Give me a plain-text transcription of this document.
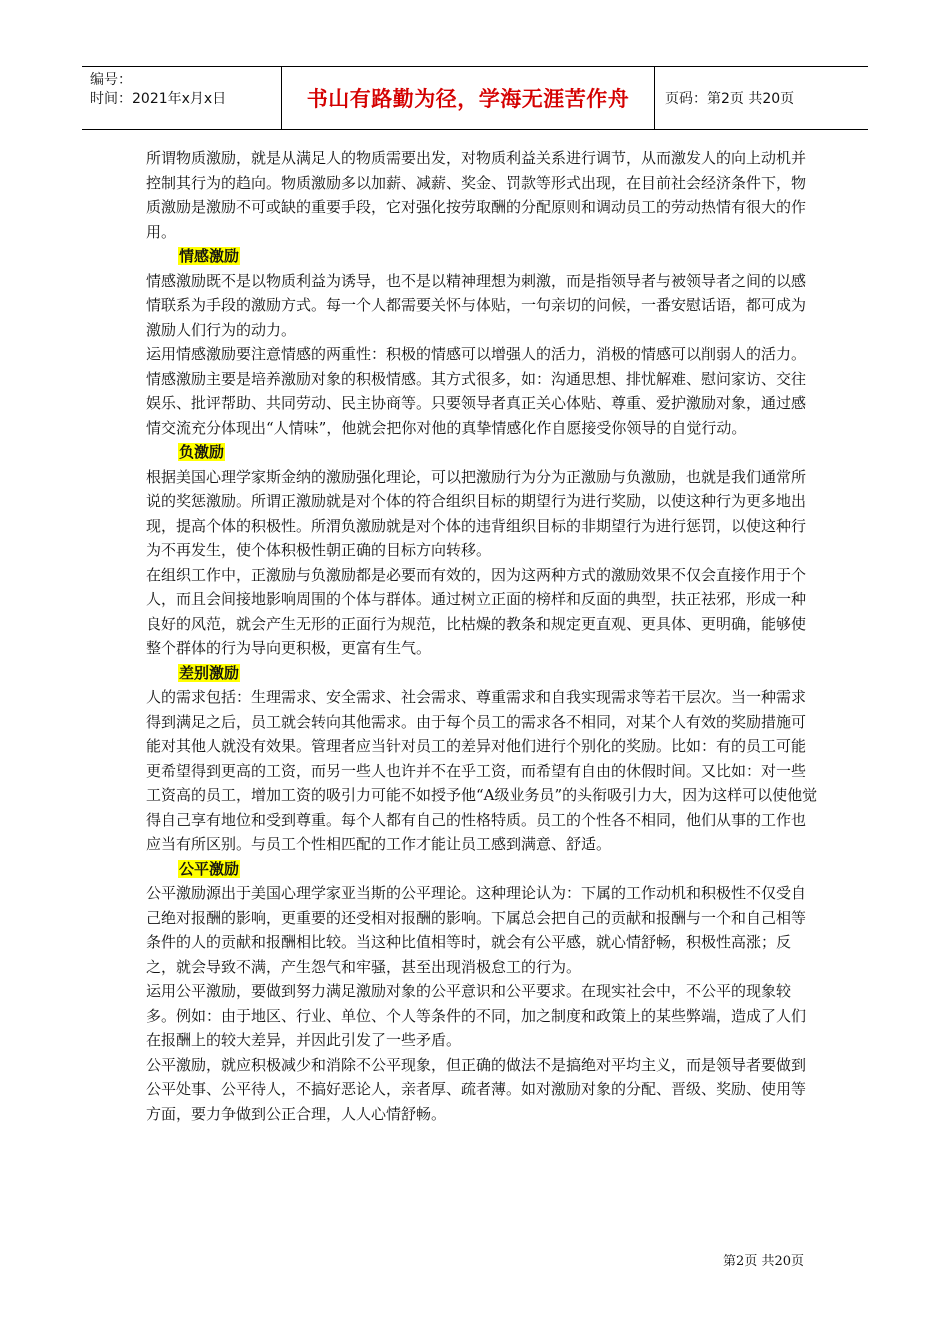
编号：
时间：2021年x月x日	书山有路勤为径，学海无涯苦作舟	页码：第2页 共20页

所谓物质激励，就是从满足人的物质需要出发，对物质利益关系进行调节，从而激发人的向上动机并控制其行为的趋向。物质激励多以加薪、减薪、奖金、罚款等形式出现，在目前社会经济条件下，物质激励是激励不可或缺的重要手段，它对强化按劳取酬的分配原则和调动员工的劳动热情有很大的作用。

情感激励

情感激励既不是以物质利益为诱导，也不是以精神理想为刺激，而是指领导者与被领导者之间的以感情联系为手段的激励方式。每一个人都需要关怀与体贴，一句亲切的问候，一番安慰话语，都可成为激励人们行为的动力。

运用情感激励要注意情感的两重性：积极的情感可以增强人的活力，消极的情感可以削弱人的活力。

情感激励主要是培养激励对象的积极情感。其方式很多，如：沟通思想、排忧解难、慰问家访、交往娱乐、批评帮助、共同劳动、民主协商等。只要领导者真正关心体贴、尊重、爱护激励对象，通过感情交流充分体现出“人情味”，他就会把你对他的真挚情感化作自愿接受你领导的自觉行动。

负激励

根据美国心理学家斯金纳的激励强化理论，可以把激励行为分为正激励与负激励，也就是我们通常所说的奖惩激励。所谓正激励就是对个体的符合组织目标的期望行为进行奖励，以使这种行为更多地出现，提高个体的积极性。所渭负激励就是对个体的违背组织目标的非期望行为进行惩罚，以使这种行为不再发生，使个体积极性朝正确的目标方向转移。

在组织工作中，正激励与负激励都是必要而有效的，因为这两种方式的激励效果不仅会直接作用于个人，而且会间接地影响周围的个体与群体。通过树立正面的榜样和反面的典型，扶正祛邪，形成一种良好的风范，就会产生无形的正面行为规范，比枯燥的教条和规定更直观、更具体、更明确，能够使整个群体的行为导向更积极，更富有生气。

差别激励

人的需求包括：生理需求、安全需求、社会需求、尊重需求和自我实现需求等若干层次。当一种需求得到满足之后，员工就会转向其他需求。由于每个员工的需求各不相同，对某个人有效的奖励措施可能对其他人就没有效果。管理者应当针对员工的差异对他们进行个别化的奖励。比如：有的员工可能更希望得到更高的工资，而另一些人也许并不在乎工资，而希望有自由的休假时间。又比如：对一些工资高的员工，增加工资的吸引力可能不如授予他“A级业务员”的头衔吸引力大，因为这样可以使他觉得自己享有地位和受到尊重。每个人都有自己的性格特质。员工的个性各不相同，他们从事的工作也应当有所区别。与员工个性相匹配的工作才能让员工感到满意、舒适。

公平激励

公平激励源出于美国心理学家亚当斯的公平理论。这种理论认为：下属的工作动机和积极性不仅受自己绝对报酬的影响，更重要的还受相对报酬的影响。下属总会把自己的贡献和报酬与一个和自己相等条件的人的贡献和报酬相比较。当这种比值相等时，就会有公平感，就心情舒畅，积极性高涨；反之，就会导致不满，产生怨气和牢骚，甚至出现消极怠工的行为。

运用公平激励，要做到努力满足激励对象的公平意识和公平要求。在现实社会中，不公平的现象较多。例如：由于地区、行业、单位、个人等条件的不同，加之制度和政策上的某些弊端，造成了人们在报酬上的较大差异，并因此引发了一些矛盾。

公平激励，就应积极减少和消除不公平现象，但正确的做法不是搞绝对平均主义，而是领导者要做到公平处事、公平待人，不搞好恶论人，亲者厚、疏者薄。如对激励对象的分配、晋级、奖励、使用等方面，要力争做到公正合理，人人心情舒畅。

第2页 共20页
